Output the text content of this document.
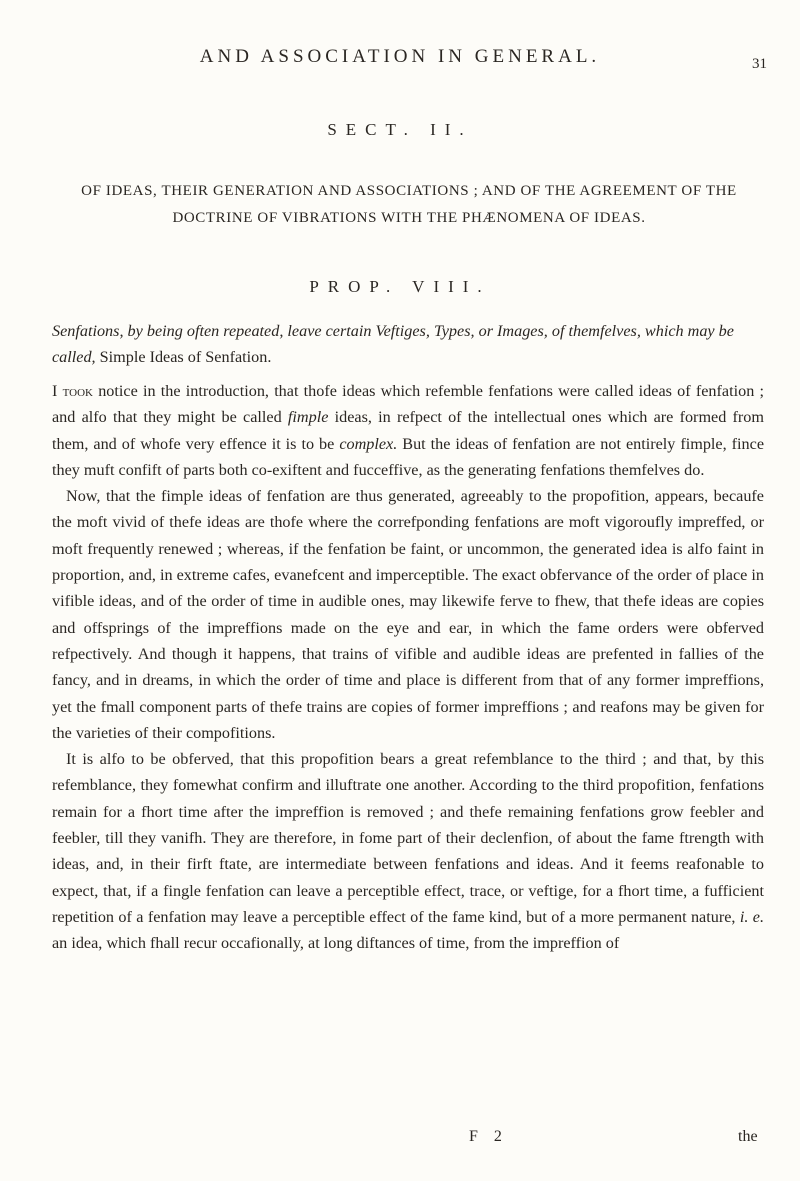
AND ASSOCIATION IN GENERAL.	31
SECT. II.
OF IDEAS, THEIR GENERATION AND ASSOCIATIONS ; AND OF THE AGREEMENT OF THE DOCTRINE OF VIBRATIONS WITH THE PHÆNOMENA OF IDEAS.
PROP. VIII.
Senfations, by being often repeated, leave certain Veftiges, Types, or Images, of themfelves, which may be called, Simple Ideas of Senfation.

I took notice in the introduction, that thofe ideas which refemble fenfations were called ideas of fenfation ; and alfo that they might be called fimple ideas, in refpect of the intellectual ones which are formed from them, and of whofe very effence it is to be complex. But the ideas of fenfation are not entirely fimple, fince they muft confift of parts both co-exiftent and fucceffive, as the generating fenfations themfelves do.

Now, that the fimple ideas of fenfation are thus generated, agreeably to the propofition, appears, becaufe the moft vivid of thefe ideas are thofe where the correfponding fenfations are moft vigoroufly impreffed, or moft frequently renewed ; whereas, if the fenfation be faint, or uncommon, the generated idea is alfo faint in proportion, and, in extreme cafes, evanefcent and imperceptible. The exact obfervance of the order of place in vifible ideas, and of the order of time in audible ones, may likewife ferve to fhew, that thefe ideas are copies and offsprings of the impreffions made on the eye and ear, in which the fame orders were obferved refpectively. And though it happens, that trains of vifible and audible ideas are prefented in fallies of the fancy, and in dreams, in which the order of time and place is different from that of any former impreffions, yet the fmall component parts of thefe trains are copies of former impreffions ; and reafons may be given for the varieties of their compofitions.

It is alfo to be obferved, that this propofition bears a great refemblance to the third ; and that, by this refemblance, they fomewhat confirm and illuftrate one another. According to the third propofition, fenfations remain for a fhort time after the impreffion is removed ; and thefe remaining fenfations grow feebler and feebler, till they vanifh. They are therefore, in fome part of their declenfion, of about the fame ftrength with ideas, and, in their firft ftate, are intermediate between fenfations and ideas. And it feems reafonable to expect, that, if a fingle fenfation can leave a perceptible effect, trace, or veftige, for a fhort time, a fufficient repetition of a fenfation may leave a perceptible effect of the fame kind, but of a more permanent nature, i. e. an idea, which fhall recur occafionally, at long diftances of time, from the impreffion of

F 2	the
